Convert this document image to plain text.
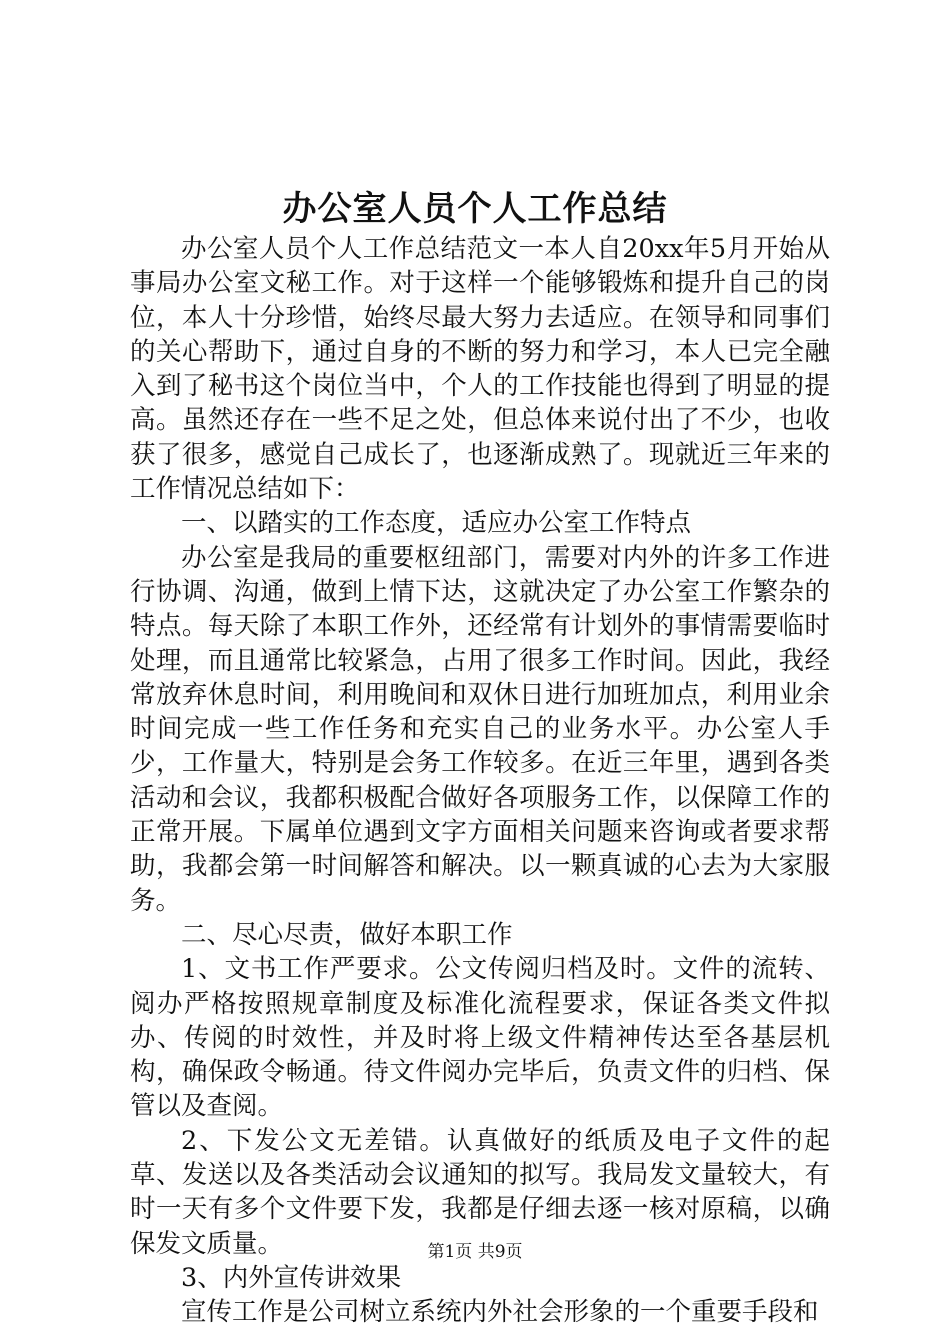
办公室人员个人工作总结

办公室人员个人工作总结范文一本人自20xx年5月开始从事局办公室文秘工作。对于这样一个能够锻炼和提升自己的岗位，本人十分珍惜，始终尽最大努力去适应。在领导和同事们的关心帮助下，通过自身的不断的努力和学习，本人已完全融入到了秘书这个岗位当中，个人的工作技能也得到了明显的提高。虽然还存在一些不足之处，但总体来说付出了不少，也收获了很多，感觉自己成长了，也逐渐成熟了。现就近三年来的工作情况总结如下：

一、以踏实的工作态度，适应办公室工作特点

办公室是我局的重要枢纽部门，需要对内外的许多工作进行协调、沟通，做到上情下达，这就决定了办公室工作繁杂的特点。每天除了本职工作外，还经常有计划外的事情需要临时处理，而且通常比较紧急，占用了很多工作时间。因此，我经常放弃休息时间，利用晚间和双休日进行加班加点，利用业余时间完成一些工作任务和充实自己的业务水平。办公室人手少，工作量大，特别是会务工作较多。在近三年里，遇到各类活动和会议，我都积极配合做好各项服务工作，以保障工作的正常开展。下属单位遇到文字方面相关问题来咨询或者要求帮助，我都会第一时间解答和解决。以一颗真诚的心去为大家服务。

二、尽心尽责，做好本职工作

1、文书工作严要求。公文传阅归档及时。文件的流转、阅办严格按照规章制度及标准化流程要求，保证各类文件拟办、传阅的时效性，并及时将上级文件精神传达至各基层机构，确保政令畅通。待文件阅办完毕后，负责文件的归档、保管以及查阅。

2、下发公文无差错。认真做好的纸质及电子文件的起草、发送以及各类活动会议通知的拟写。我局发文量较大，有时一天有多个文件要下发，我都是仔细去逐一核对原稿，以确保发文质量。

3、内外宣传讲效果

宣传工作是公司树立系统内外社会形象的一个重要手段和

第1页 共9页
